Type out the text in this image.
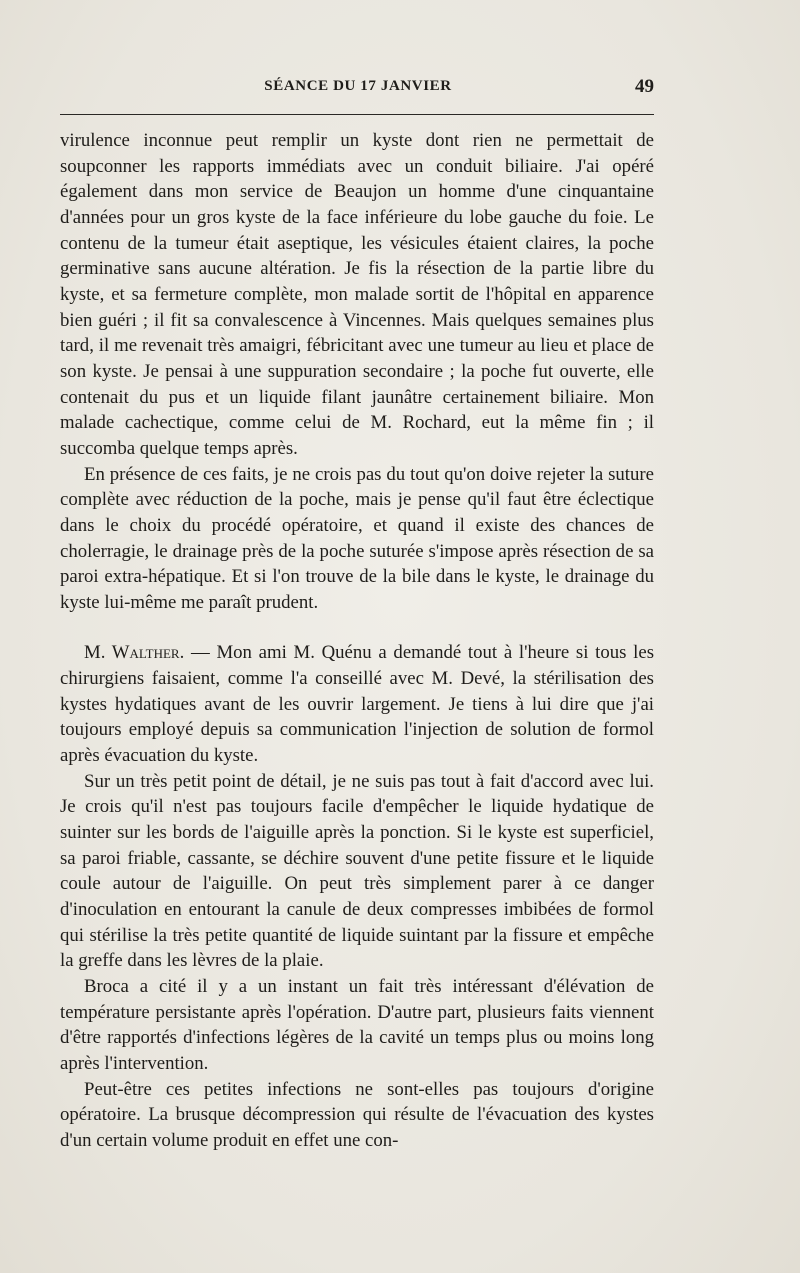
SÉANCE DU 17 JANVIER	49

virulence inconnue peut remplir un kyste dont rien ne permettait de soupconner les rapports immédiats avec un conduit biliaire. J'ai opéré également dans mon service de Beaujon un homme d'une cinquantaine d'années pour un gros kyste de la face inférieure du lobe gauche du foie. Le contenu de la tumeur était aseptique, les vésicules étaient claires, la poche germinative sans aucune altération. Je fis la résection de la partie libre du kyste, et sa fermeture complète, mon malade sortit de l'hôpital en apparence bien guéri ; il fit sa convalescence à Vincennes. Mais quelques semaines plus tard, il me revenait très amaigri, fébricitant avec une tumeur au lieu et place de son kyste. Je pensai à une suppuration secondaire ; la poche fut ouverte, elle contenait du pus et un liquide filant jaunâtre certainement biliaire. Mon malade cachectique, comme celui de M. Rochard, eut la même fin ; il succomba quelque temps après.

En présence de ces faits, je ne crois pas du tout qu'on doive rejeter la suture complète avec réduction de la poche, mais je pense qu'il faut être éclectique dans le choix du procédé opératoire, et quand il existe des chances de cholerragie, le drainage près de la poche suturée s'impose après résection de sa paroi extra-hépatique. Et si l'on trouve de la bile dans le kyste, le drainage du kyste lui-même me paraît prudent.

M. Walther. — Mon ami M. Quénu a demandé tout à l'heure si tous les chirurgiens faisaient, comme l'a conseillé avec M. Devé, la stérilisation des kystes hydatiques avant de les ouvrir largement. Je tiens à lui dire que j'ai toujours employé depuis sa communication l'injection de solution de formol après évacuation du kyste.

Sur un très petit point de détail, je ne suis pas tout à fait d'accord avec lui. Je crois qu'il n'est pas toujours facile d'empêcher le liquide hydatique de suinter sur les bords de l'aiguille après la ponction. Si le kyste est superficiel, sa paroi friable, cassante, se déchire souvent d'une petite fissure et le liquide coule autour de l'aiguille. On peut très simplement parer à ce danger d'inoculation en entourant la canule de deux compresses imbibées de formol qui stérilise la très petite quantité de liquide suintant par la fissure et empêche la greffe dans les lèvres de la plaie.

Broca a cité il y a un instant un fait très intéressant d'élévation de température persistante après l'opération. D'autre part, plusieurs faits viennent d'être rapportés d'infections légères de la cavité un temps plus ou moins long après l'intervention.

Peut-être ces petites infections ne sont-elles pas toujours d'origine opératoire. La brusque décompression qui résulte de l'évacuation des kystes d'un certain volume produit en effet une con-
